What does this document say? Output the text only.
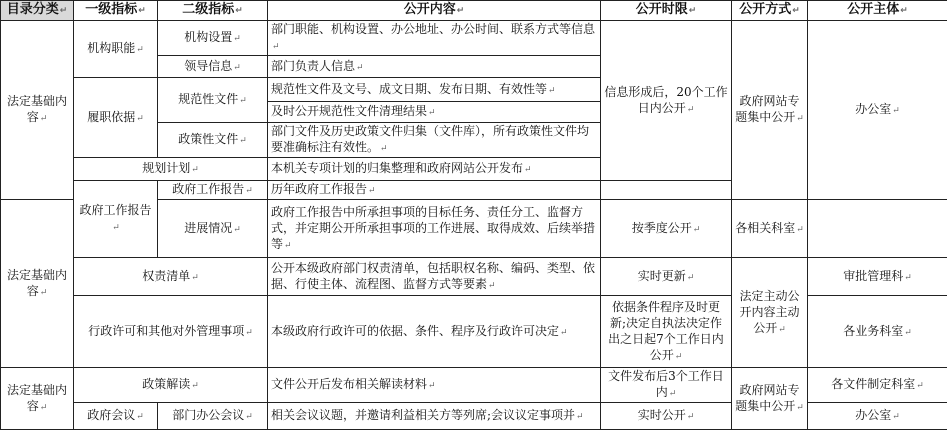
目录分类 ↵	一级指标 ↵	二级指标 ↵	公开内容 ↵	公开时限 ↵	公开方式 ↵	公开主体 ↵
法定基础内容 ↵	机构职能 ↵	机构设置 ↵	部门职能、机构设置、办公地址、办公时间、联系方式等信息 ↵	信息形成后，20个工作日内公开 ↵	政府网站专题集中公开 ↵	办公室 ↵
		领导信息 ↵	部门负责人信息 ↵
	履职依据 ↵	规范性文件 ↵	规范性文件及文号、成文日期、发布日期、有效性等 ↵
			及时公开规范性文件清理结果 ↵
		政策性文件 ↵	部门文件及历史政策文件归集（文件库），所有政策性文件均要准确标注有效性。 ↵
	规划计划 ↵		本机关专项计划的归集整理和政府网站公开发布 ↵
	政府工作报告 ↵	政府工作报告 ↵	历年政府工作报告 ↵	
法定基础内容 ↵		进展情况 ↵	政府工作报告中所承担事项的目标任务、责任分工、监督方式，并定期公开所承担事项的工作进展、取得成效、后续举措等 ↵	按季度公开 ↵	各相关科室 ↵
	权责清单 ↵		公开本级政府部门权责清单，包括职权名称、编码、类型、依据、行使主体、流程图、监督方式等要素 ↵	实时更新 ↵	法定主动公开内容主动公开 ↵	审批管理科 ↵
	行政许可和其他对外管理事项 ↵		本级政府行政许可的依据、条件、程序及行政许可决定 ↵	依据条件程序及时更新;决定自执法决定作出之日起7个工作日内公开 ↵		各业务科室 ↵
法定基础内容 ↵	政策解读 ↵		文件公开后发布相关解读材料 ↵	文件发布后3个工作日内 ↵	政府网站专题集中公开 ↵	各文件制定科室 ↵
	政府会议 ↵	部门办公会议 ↵	相关会议议题，并邀请利益相关方等列席;会议议定事项并 ↵	实时公开 ↵		办公室 ↵
